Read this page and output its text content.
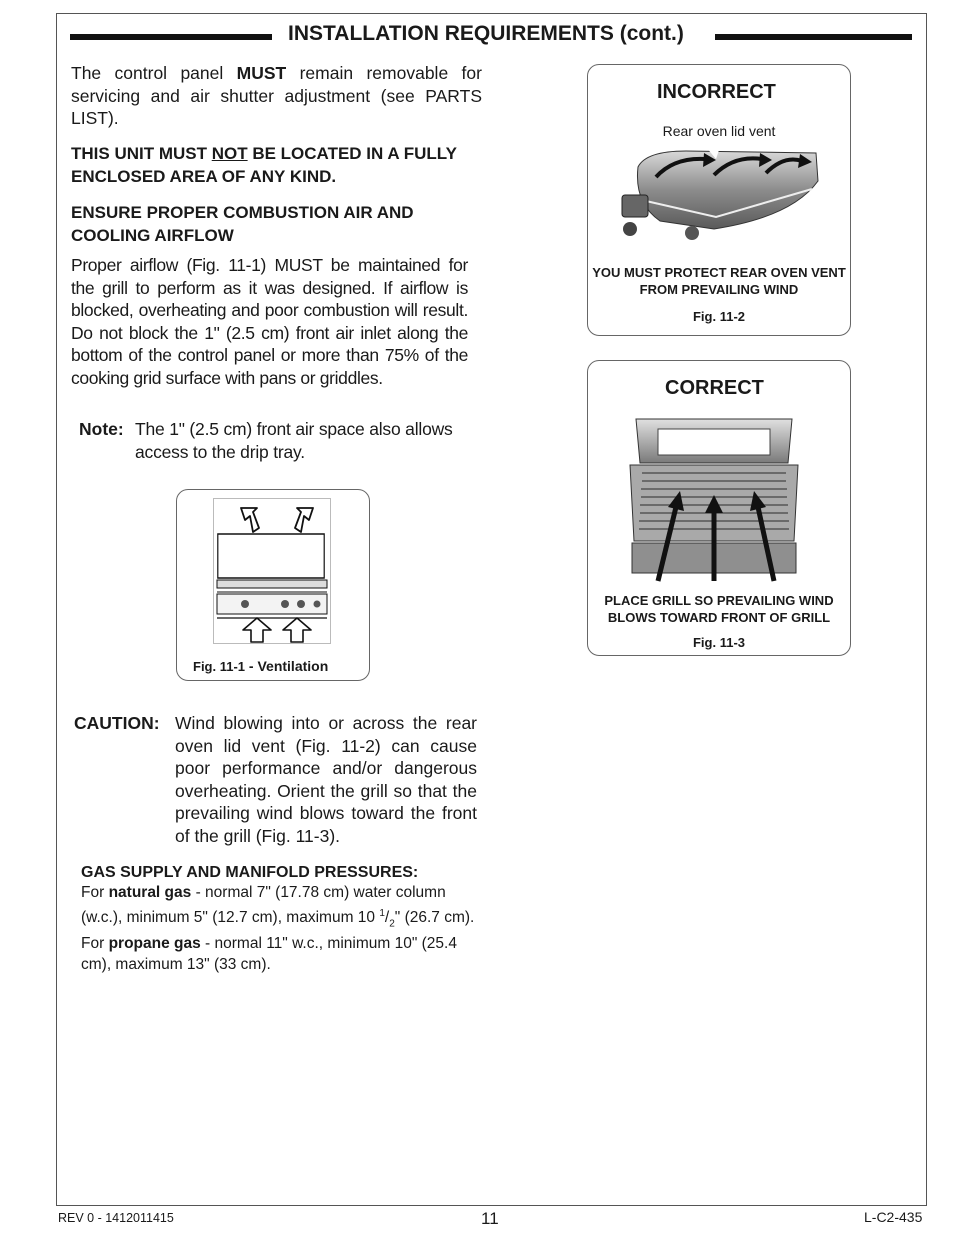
INSTALLATION REQUIREMENTS (cont.)

The control panel MUST remain removable for servicing and air shutter adjustment (see PARTS LIST).

THIS UNIT MUST NOT BE LOCATED IN A FULLY ENCLOSED AREA OF ANY KIND.

ENSURE PROPER COMBUSTION AIR AND COOLING AIRFLOW

Proper airflow (Fig. 11-1) MUST be maintained for the grill to perform as it was designed. If airflow is blocked, overheating and poor combustion will result. Do not block the 1" (2.5 cm) front air inlet along the bottom of the control panel or more than 75% of the cooking grid surface with pans or griddles.

Note: The 1" (2.5 cm) front air space also allows access to the drip tray.

Fig. 11-1 - Ventilation
CAUTION: Wind blowing into or across the rear oven lid vent (Fig. 11-2) can cause poor performance and/or dangerous overheating. Orient the grill so that the prevailing wind blows toward the front of the grill (Fig. 11-3).

GAS SUPPLY AND MANIFOLD PRESSURES:

For natural gas - normal 7" (17.78 cm) water column (w.c.), minimum 5" (12.7 cm), maximum 10 $^1/_2$" (26.7 cm). For propane gas - normal 11" w.c., minimum 10" (25.4 cm), maximum 13" (33 cm).

INCORRECT
Rear oven lid vent
YOU MUST PROTECT REAR OVEN VENT FROM PREVAILING WIND
Fig. 11-2
CORRECT
PLACE GRILL SO PREVAILING WIND BLOWS TOWARD FRONT OF GRILL
Fig. 11-3
REV 0 - 1412011415	11	L-C2-435
